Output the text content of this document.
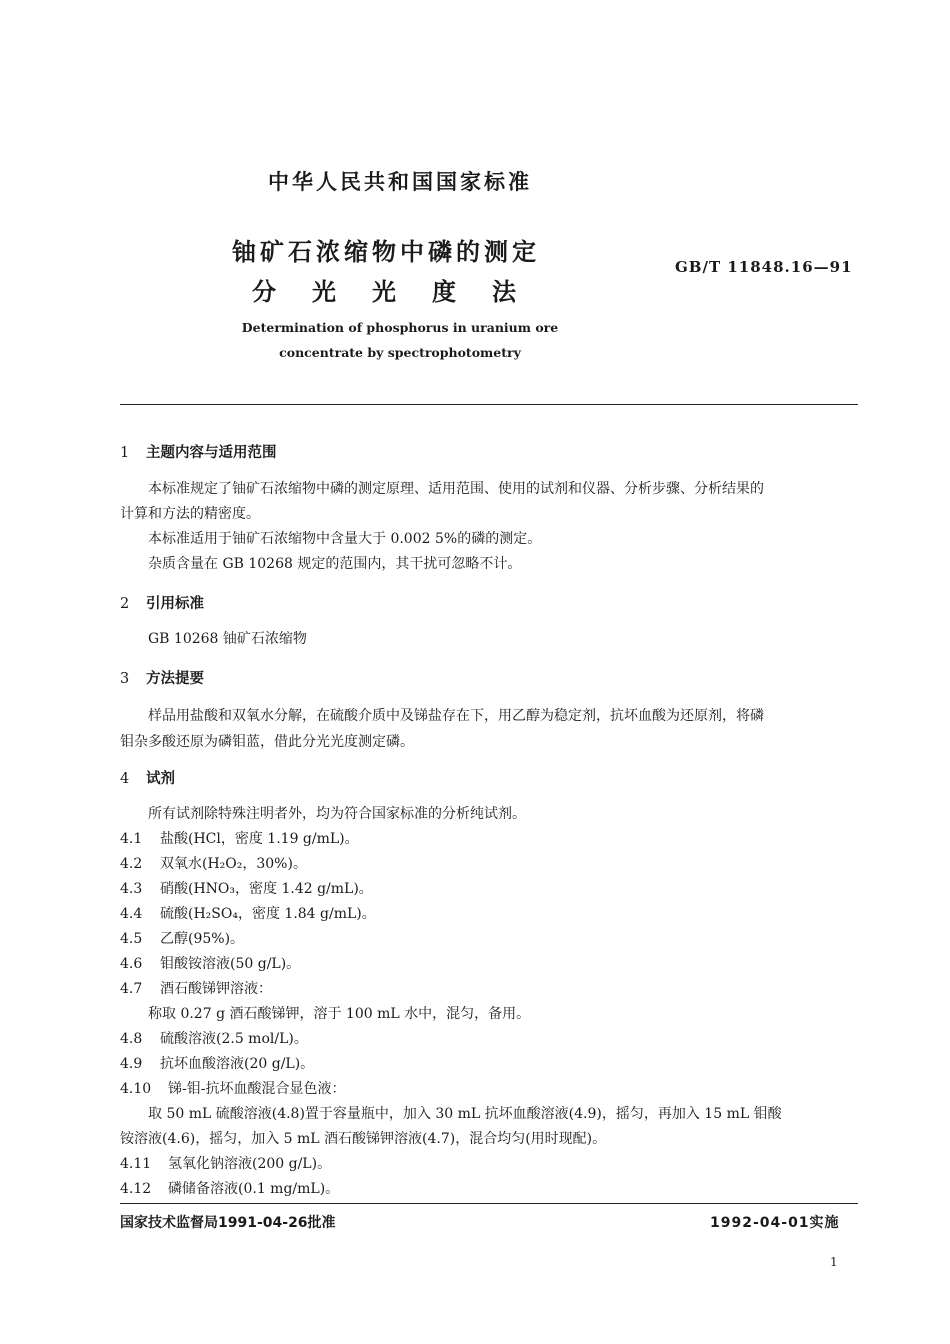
中华人民共和国国家标准
铀矿石浓缩物中磷的测定
分光光度法
GB/T 11848.16—91
Determination of phosphorus in uranium ore
concentrate by spectrophotometry
1 主题内容与适用范围
本标准规定了铀矿石浓缩物中磷的测定原理、适用范围、使用的试剂和仪器、分析步骤、分析结果的
计算和方法的精密度。
本标准适用于铀矿石浓缩物中含量大于 0.002 5%的磷的测定。
杂质含量在 GB 10268 规定的范围内，其干扰可忽略不计。
2 引用标准
GB 10268 铀矿石浓缩物
3 方法提要
样品用盐酸和双氧水分解，在硫酸介质中及锑盐存在下，用乙醇为稳定剂，抗坏血酸为还原剂，将磷
钼杂多酸还原为磷钼蓝，借此分光光度测定磷。
4 试剂
所有试剂除特殊注明者外，均为符合国家标准的分析纯试剂。
4.1 盐酸(HCl，密度 1.19 g/mL)。
4.2 双氧水(H₂O₂，30%)。
4.3 硝酸(HNO₃，密度 1.42 g/mL)。
4.4 硫酸(H₂SO₄，密度 1.84 g/mL)。
4.5 乙醇(95%)。
4.6 钼酸铵溶液(50 g/L)。
4.7 酒石酸锑钾溶液：
称取 0.27 g 酒石酸锑钾，溶于 100 mL 水中，混匀，备用。
4.8 硫酸溶液(2.5 mol/L)。
4.9 抗坏血酸溶液(20 g/L)。
4.10 锑-钼-抗坏血酸混合显色液：
取 50 mL 硫酸溶液(4.8)置于容量瓶中，加入 30 mL 抗坏血酸溶液(4.9)，摇匀，再加入 15 mL 钼酸
铵溶液(4.6)，摇匀，加入 5 mL 酒石酸锑钾溶液(4.7)，混合均匀(用时现配)。
4.11 氢氧化钠溶液(200 g/L)。
4.12 磷储备溶液(0.1 mg/mL)。
国家技术监督局1991-04-26批准	1992-04-01实施
1
